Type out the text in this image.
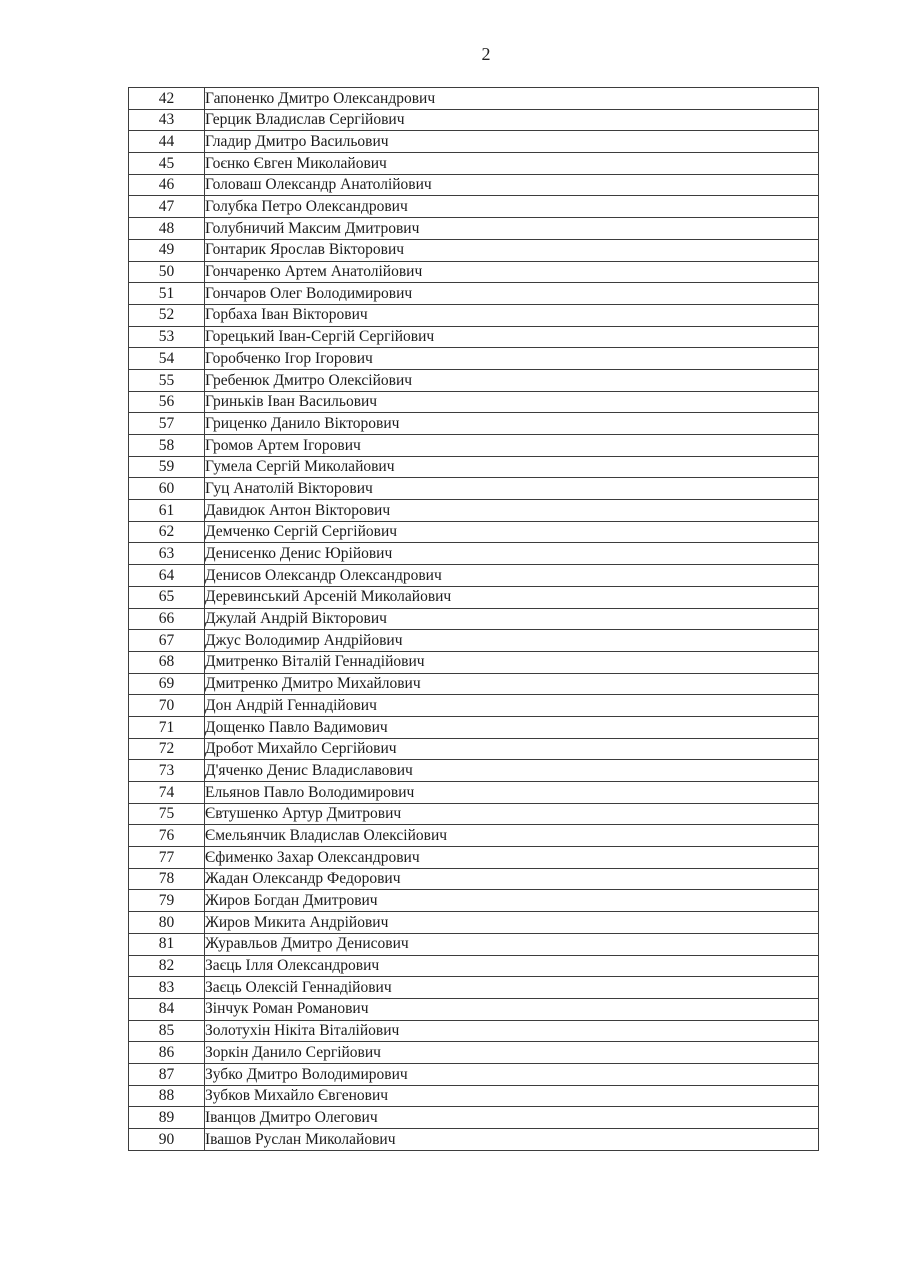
2
42	Гапоненко Дмитро Олександрович
43	Герцик Владислав Сергійович
44	Гладир Дмитро Васильович
45	Гоєнко Євген Миколайович
46	Головаш Олександр Анатолійович
47	Голубка Петро Олександрович
48	Голубничий Максим Дмитрович
49	Гонтарик Ярослав Вікторович
50	Гончаренко Артем Анатолійович
51	Гончаров Олег Володимирович
52	Горбаха Іван Вікторович
53	Горецький Іван-Сергій Сергійович
54	Горобченко Ігор Ігорович
55	Гребенюк Дмитро Олексійович
56	Гриньків Іван Васильович
57	Гриценко Данило Вікторович
58	Громов Артем Ігорович
59	Гумела Сергій Миколайович
60	Гуц Анатолій Вікторович
61	Давидюк Антон Вікторович
62	Демченко Сергій Сергійович
63	Денисенко Денис Юрійович
64	Денисов Олександр Олександрович
65	Деревинський Арсеній Миколайович
66	Джулай Андрій Вікторович
67	Джус Володимир Андрійович
68	Дмитренко Віталій Геннадійович
69	Дмитренко Дмитро Михайлович
70	Дон Андрій Геннадійович
71	Дощенко Павло Вадимович
72	Дробот Михайло Сергійович
73	Д'яченко Денис Владиславович
74	Ельянов Павло Володимирович
75	Євтушенко Артур Дмитрович
76	Ємельянчик Владислав Олексійович
77	Єфименко Захар Олександрович
78	Жадан Олександр Федорович
79	Жиров Богдан Дмитрович
80	Жиров Микита Андрійович
81	Журавльов Дмитро Денисович
82	Заєць Ілля Олександрович
83	Заєць Олексій Геннадійович
84	Зінчук Роман Романович
85	Золотухін Нікіта Віталійович
86	Зоркін Данило Сергійович
87	Зубко Дмитро Володимирович
88	Зубков Михайло Євгенович
89	Іванцов Дмитро Олегович
90	Івашов Руслан Миколайович
